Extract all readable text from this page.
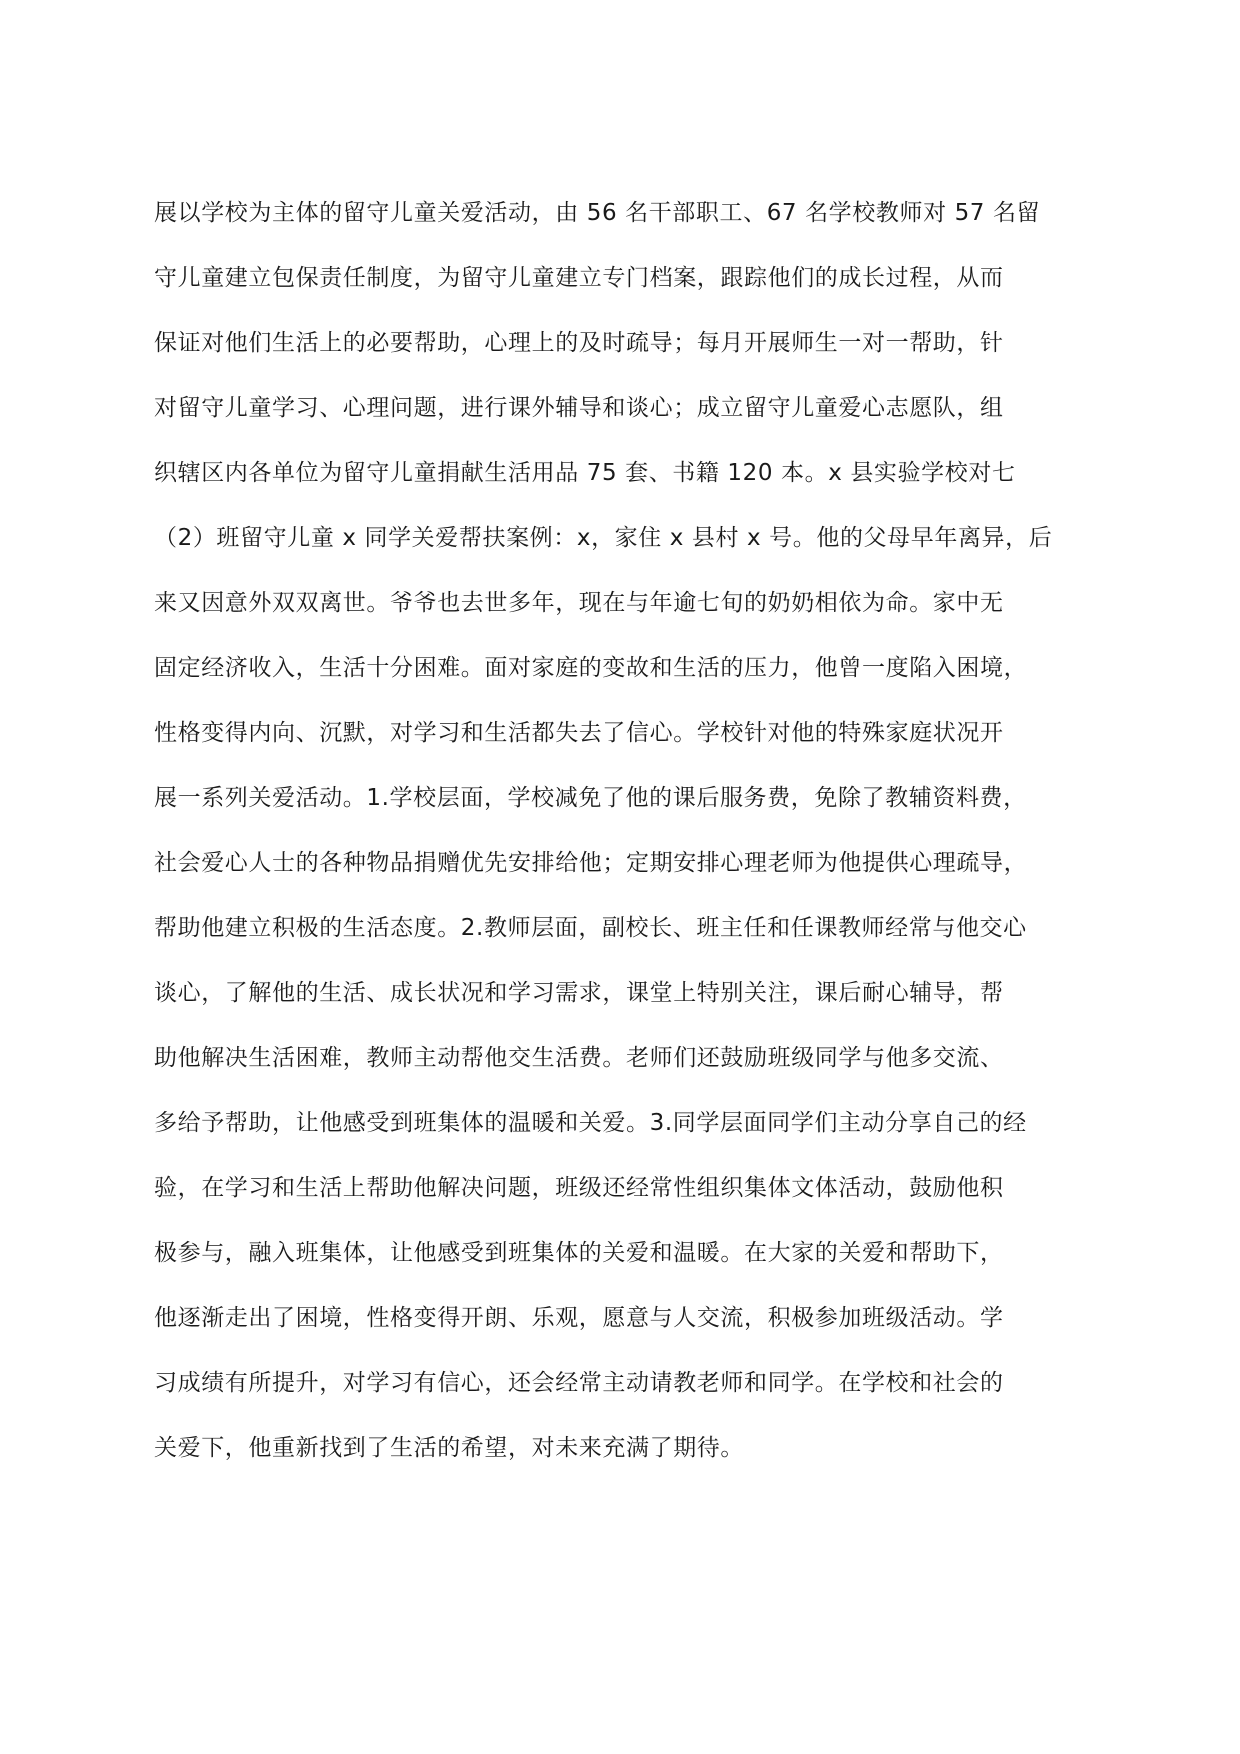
展以学校为主体的留守儿童关爱活动，由 56 名干部职工、67 名学校教师对 57 名留
守儿童建立包保责任制度，为留守儿童建立专门档案，跟踪他们的成长过程，从而
保证对他们生活上的必要帮助，心理上的及时疏导；每月开展师生一对一帮助，针
对留守儿童学习、心理问题，进行课外辅导和谈心；成立留守儿童爱心志愿队，组
织辖区内各单位为留守儿童捐献生活用品 75 套、书籍 120 本。x 县实验学校对七
（2）班留守儿童 x 同学关爱帮扶案例：x，家住 x 县村 x 号。他的父母早年离异，后
来又因意外双双离世。爷爷也去世多年，现在与年逾七旬的奶奶相依为命。家中无
固定经济收入，生活十分困难。面对家庭的变故和生活的压力，他曾一度陷入困境，
性格变得内向、沉默，对学习和生活都失去了信心。学校针对他的特殊家庭状况开
展一系列关爱活动。1.学校层面，学校减免了他的课后服务费，免除了教辅资料费，
社会爱心人士的各种物品捐赠优先安排给他；定期安排心理老师为他提供心理疏导，
帮助他建立积极的生活态度。2.教师层面，副校长、班主任和任课教师经常与他交心
谈心，了解他的生活、成长状况和学习需求，课堂上特别关注，课后耐心辅导，帮
助他解决生活困难，教师主动帮他交生活费。老师们还鼓励班级同学与他多交流、
多给予帮助，让他感受到班集体的温暖和关爱。3.同学层面同学们主动分享自己的经
验，在学习和生活上帮助他解决问题，班级还经常性组织集体文体活动，鼓励他积
极参与，融入班集体，让他感受到班集体的关爱和温暖。在大家的关爱和帮助下，
他逐渐走出了困境，性格变得开朗、乐观，愿意与人交流，积极参加班级活动。学
习成绩有所提升，对学习有信心，还会经常主动请教老师和同学。在学校和社会的
关爱下，他重新找到了生活的希望，对未来充满了期待。
